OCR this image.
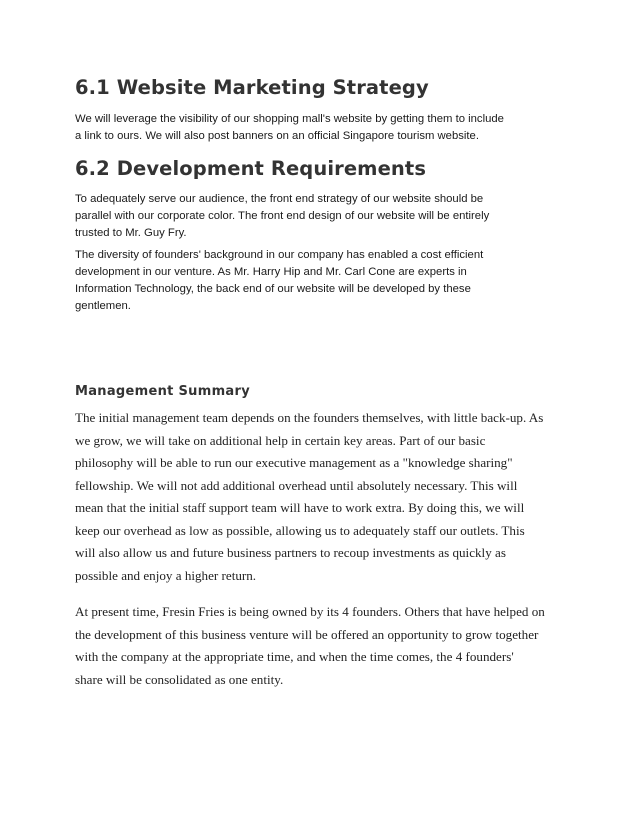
6.1 Website Marketing Strategy

We will leverage the visibility of our shopping mall's website by getting them to include
a link to ours. We will also post banners on an official Singapore tourism website.

6.2 Development Requirements

To adequately serve our audience, the front end strategy of our website should be
parallel with our corporate color. The front end design of our website will be entirely
trusted to Mr. Guy Fry.

The diversity of founders' background in our company has enabled a cost efficient
development in our venture. As Mr. Harry Hip and Mr. Carl Cone are experts in
Information Technology, the back end of our website will be developed by these
gentlemen.

Management Summary

The initial management team depends on the founders themselves, with little back-up. As
we grow, we will take on additional help in certain key areas. Part of our basic
philosophy will be able to run our executive management as a "knowledge sharing"
fellowship. We will not add additional overhead until absolutely necessary. This will
mean that the initial staff support team will have to work extra. By doing this, we will
keep our overhead as low as possible, allowing us to adequately staff our outlets. This
will also allow us and future business partners to recoup investments as quickly as
possible and enjoy a higher return.

At present time, Fresin Fries is being owned by its 4 founders. Others that have helped on
the development of this business venture will be offered an opportunity to grow together
with the company at the appropriate time, and when the time comes, the 4 founders'
share will be consolidated as one entity.
